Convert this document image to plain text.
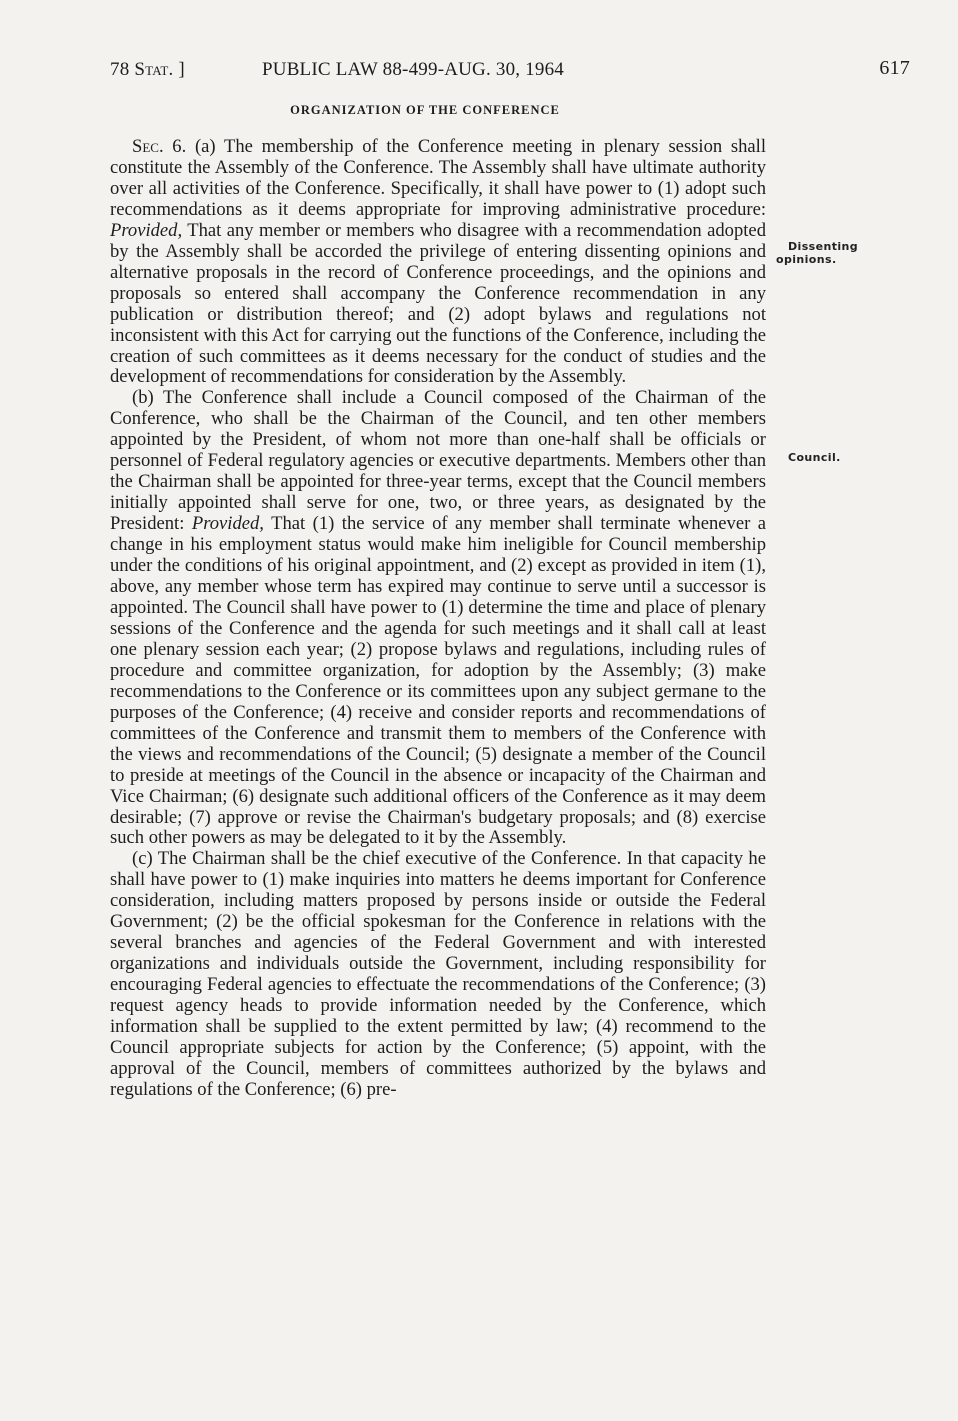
78 Stat. ]	PUBLIC LAW 88-499-AUG. 30, 1964	617
ORGANIZATION OF THE CONFERENCE
Dissenting
opinions.
Council.

Sec. 6. (a) The membership of the Conference meeting in plenary session shall constitute the Assembly of the Conference. The Assembly shall have ultimate authority over all activities of the Conference. Specifically, it shall have power to (1) adopt such recommendations as it deems appropriate for improving administrative procedure: Provided, That any member or members who disagree with a recommendation adopted by the Assembly shall be accorded the privilege of entering dissenting opinions and alternative proposals in the record of Conference proceedings, and the opinions and proposals so entered shall accompany the Conference recommendation in any publication or distribution thereof; and (2) adopt bylaws and regulations not inconsistent with this Act for carrying out the functions of the Conference, including the creation of such committees as it deems necessary for the conduct of studies and the development of recommendations for consideration by the Assembly.

(b) The Conference shall include a Council composed of the Chairman of the Conference, who shall be the Chairman of the Council, and ten other members appointed by the President, of whom not more than one-half shall be officials or personnel of Federal regulatory agencies or executive departments. Members other than the Chairman shall be appointed for three-year terms, except that the Council members initially appointed shall serve for one, two, or three years, as designated by the President: Provided, That (1) the service of any member shall terminate whenever a change in his employment status would make him ineligible for Council membership under the conditions of his original appointment, and (2) except as provided in item (1), above, any member whose term has expired may continue to serve until a successor is appointed. The Council shall have power to (1) determine the time and place of plenary sessions of the Conference and the agenda for such meetings and it shall call at least one plenary session each year; (2) propose bylaws and regulations, including rules of procedure and committee organization, for adoption by the Assembly; (3) make recommendations to the Conference or its committees upon any subject germane to the purposes of the Conference; (4) receive and consider reports and recommendations of committees of the Conference and transmit them to members of the Conference with the views and recommendations of the Council; (5) designate a member of the Council to preside at meetings of the Council in the absence or incapacity of the Chairman and Vice Chairman; (6) designate such additional officers of the Conference as it may deem desirable; (7) approve or revise the Chairman's budgetary proposals; and (8) exercise such other powers as may be delegated to it by the Assembly.

(c) The Chairman shall be the chief executive of the Conference. In that capacity he shall have power to (1) make inquiries into matters he deems important for Conference consideration, including matters proposed by persons inside or outside the Federal Government; (2) be the official spokesman for the Conference in relations with the several branches and agencies of the Federal Government and with interested organizations and individuals outside the Government, including responsibility for encouraging Federal agencies to effectuate the recommendations of the Conference; (3) request agency heads to provide information needed by the Conference, which information shall be supplied to the extent permitted by law; (4) recommend to the Council appropriate subjects for action by the Conference; (5) appoint, with the approval of the Council, members of committees authorized by the bylaws and regulations of the Conference; (6) pre-
